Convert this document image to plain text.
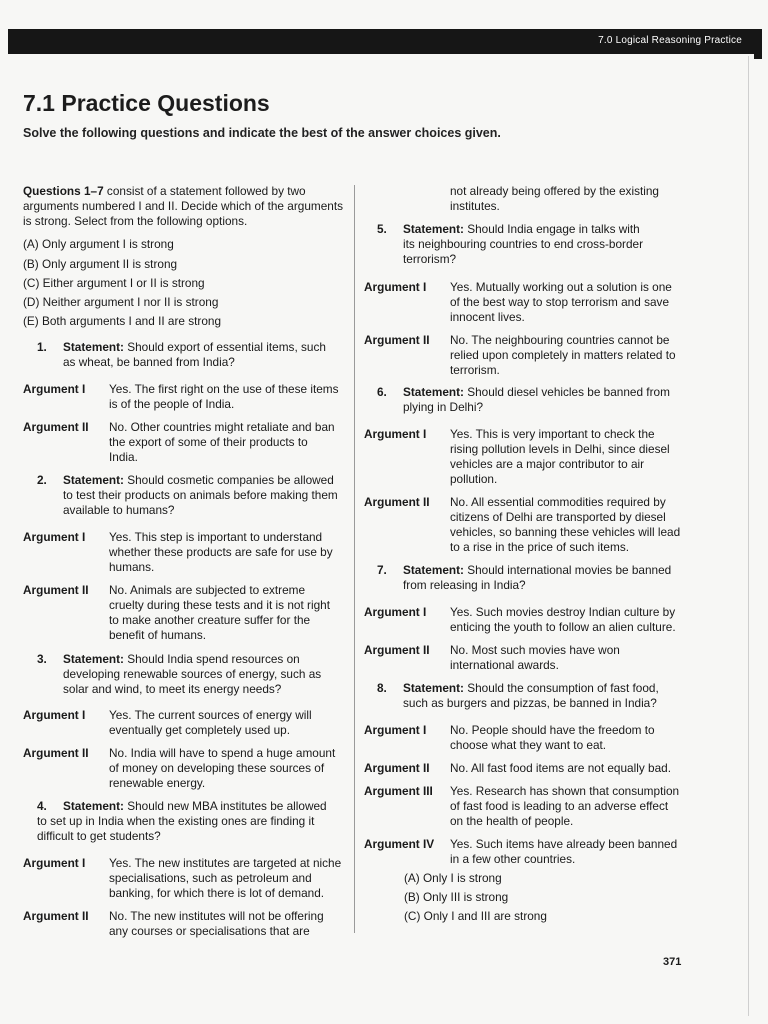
7.0 Logical Reasoning Practice
7.1 Practice Questions

Solve the following questions and indicate the best of the answer choices given.

Questions 1–7 consist of a statement followed by two
arguments numbered I and II. Decide which of the arguments
is strong. Select from the following options.
(A) Only argument I is strong
(B) Only argument II is strong
(C) Either argument I or II is strong
(D) Neither argument I nor II is strong
(E) Both arguments I and II are strong
1. Statement: Should export of essential items, such
as wheat, be banned from India?
Argument I Yes. The first right on the use of these items
is of the people of India.
Argument II No. Other countries might retaliate and ban
the export of some of their products to
India.
2. Statement: Should cosmetic companies be allowed
to test their products on animals before making them
available to humans?
Argument I Yes. This step is important to understand
whether these products are safe for use by
humans.
Argument II No. Animals are subjected to extreme
cruelty during these tests and it is not right
to make another creature suffer for the
benefit of humans.
3. Statement: Should India spend resources on
developing renewable sources of energy, such as
solar and wind, to meet its energy needs?
Argument I Yes. The current sources of energy will
eventually get completely used up.
Argument II No. India will have to spend a huge amount
of money on developing these sources of
renewable energy.
4. Statement: Should new MBA institutes be allowed
to set up in India when the existing ones are finding it
difficult to get students?
Argument I Yes. The new institutes are targeted at niche
specialisations, such as petroleum and
banking, for which there is lot of demand.
Argument II No. The new institutes will not be offering
any courses or specialisations that are
not already being offered by the existing
institutes.
5. Statement: Should India engage in talks with
its neighbouring countries to end cross-border
terrorism?
Argument I Yes. Mutually working out a solution is one
of the best way to stop terrorism and save
innocent lives.
Argument II No. The neighbouring countries cannot be
relied upon completely in matters related to
terrorism.
6. Statement: Should diesel vehicles be banned from
plying in Delhi?
Argument I Yes. This is very important to check the
rising pollution levels in Delhi, since diesel
vehicles are a major contributor to air
pollution.
Argument II No. All essential commodities required by
citizens of Delhi are transported by diesel
vehicles, so banning these vehicles will lead
to a rise in the price of such items.
7. Statement: Should international movies be banned
from releasing in India?
Argument I Yes. Such movies destroy Indian culture by
enticing the youth to follow an alien culture.
Argument II No. Most such movies have won
international awards.
8. Statement: Should the consumption of fast food,
such as burgers and pizzas, be banned in India?
Argument I No. People should have the freedom to
choose what they want to eat.
Argument II No. All fast food items are not equally bad.
Argument III Yes. Research has shown that consumption
of fast food is leading to an adverse effect
on the health of people.
Argument IV Yes. Such items have already been banned
in a few other countries.
(A) Only I is strong
(B) Only III is strong
(C) Only I and III are strong
371
